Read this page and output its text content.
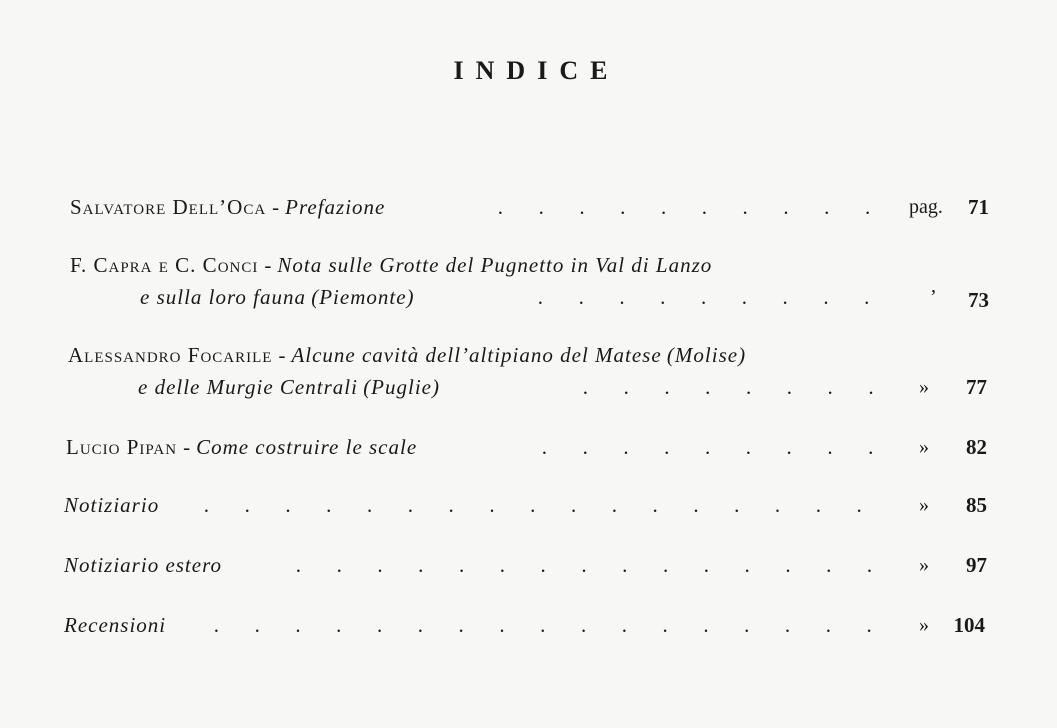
INDICE
Salvatore Dell’Oca - Prefazione	. . . . . . . . . .	pag.	71
F. Capra e C. Conci - Nota sulle Grotte del Pugnetto in Val di Lanzo
e sulla loro fauna (Piemonte)	. . . . . . . . .	’	73
Alessandro Focarile - Alcune cavità dell’altipiano del Matese (Molise)
e delle Murgie Centrali (Puglie)	. . . . . . . .	»	77
Lucio Pipan - Come costruire le scale	. . . . . . . . .	»	82
Notiziario	. . . . . . . . . . . . . . . . .	»	85
Notiziario estero	. . . . . . . . . . . . . . .	»	97
Recensioni	. . . . . . . . . . . . . . . . .	»	104
